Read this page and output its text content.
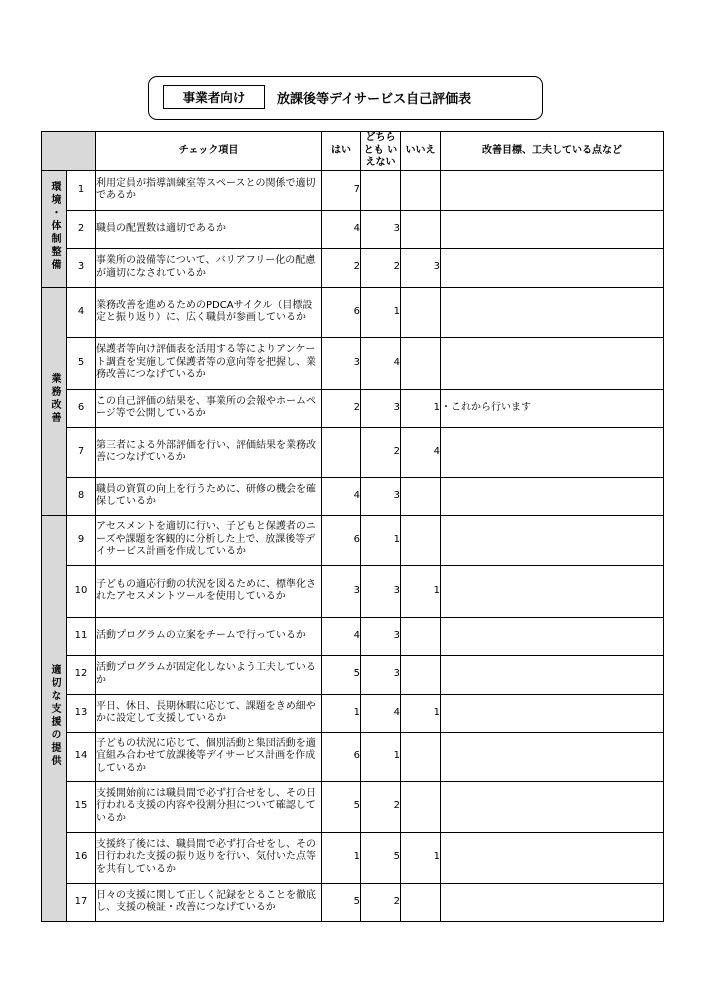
事業者向け	放課後等デイサービス自己評価表
		チェック項目	はい	どちらとも いえない	いいえ	改善目標、工夫している点など
環境・体制整備	1	利用定員が指導訓練室等スペースとの関係で適切であるか	7			
	2	職員の配置数は適切であるか	4	3		
	3	事業所の設備等について、バリアフリー化の配慮が適切になされているか	2	2	3	
業務改善	4	業務改善を進めるためのPDCAサイクル（目標設定と振り返り）に、広く職員が参画しているか	6	1		
	5	保護者等向け評価表を活用する等によりアンケート調査を実施して保護者等の意向等を把握し、業務改善につなげているか	3	4		
	6	この自己評価の結果を、事業所の会報やホームページ等で公開しているか	2	3	1	・これから行います
	7	第三者による外部評価を行い、評価結果を業務改善につなげているか		2	4	
	8	職員の資質の向上を行うために、研修の機会を確保しているか	4	3		
適切な支援の提供	9	アセスメントを適切に行い、子どもと保護者のニーズや課題を客観的に分析した上で、放課後等デイサービス計画を作成しているか	6	1		
	10	子どもの適応行動の状況を図るために、標準化されたアセスメントツールを使用しているか	3	3	1	
	11	活動プログラムの立案をチームで行っているか	4	3		
	12	活動プログラムが固定化しないよう工夫しているか	5	3		
	13	平日、休日、長期休暇に応じて、課題をきめ細やかに設定して支援しているか	1	4	1	
	14	子どもの状況に応じて、個別活動と集団活動を適宜組み合わせて放課後等デイサービス計画を作成しているか	6	1		
	15	支援開始前には職員間で必ず打合せをし、その日行われる支援の内容や役割分担について確認しているか	5	2		
	16	支援終了後には、職員間で必ず打合せをし、その日行われた支援の振り返りを行い、気付いた点等を共有しているか	1	5	1	
	17	日々の支援に関して正しく記録をとることを徹底し、支援の検証・改善につなげているか	5	2		
